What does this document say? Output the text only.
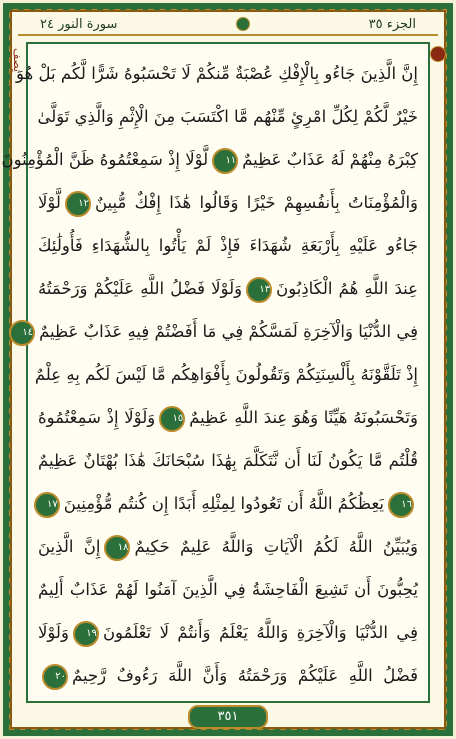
سورة النور ٢٤	الجزء ٣٥
نِصف
إِنَّ الَّذِينَ جَاءُو بِالْإِفْكِ عُصْبَةٌ مِّنكُمْ لَا تَحْسَبُوهُ شَرًّا لَّكُم بَلْ هُوَ
خَيْرٌ لَّكُمْ لِكُلِّ امْرِئٍ مِّنْهُم مَّا اكْتَسَبَ مِنَ الْإِثْمِ وَالَّذِي تَوَلَّىٰ
كِبْرَهُ مِنْهُمْ لَهُ عَذَابٌ عَظِيمٌ١١لَّوْلَا إِذْ سَمِعْتُمُوهُ ظَنَّ الْمُؤْمِنُونَ
وَالْمُؤْمِنَاتُ بِأَنفُسِهِمْ خَيْرًا وَقَالُوا هَٰذَا إِفْكٌ مُّبِينٌ١٢لَّوْلَا
جَاءُو عَلَيْهِ بِأَرْبَعَةِ شُهَدَاءَ فَإِذْ لَمْ يَأْتُوا بِالشُّهَدَاءِ فَأُولَٰئِكَ
عِندَ اللَّهِ هُمُ الْكَاذِبُونَ١٣وَلَوْلَا فَضْلُ اللَّهِ عَلَيْكُمْ وَرَحْمَتُهُ
فِي الدُّنْيَا وَالْآخِرَةِ لَمَسَّكُمْ فِي مَا أَفَضْتُمْ فِيهِ عَذَابٌ عَظِيمٌ١٤
إِذْ تَلَقَّوْنَهُ بِأَلْسِنَتِكُمْ وَتَقُولُونَ بِأَفْوَاهِكُم مَّا لَيْسَ لَكُم بِهِ عِلْمٌ
وَتَحْسَبُونَهُ هَيِّنًا وَهُوَ عِندَ اللَّهِ عَظِيمٌ١٥وَلَوْلَا إِذْ سَمِعْتُمُوهُ
قُلْتُم مَّا يَكُونُ لَنَا أَن نَّتَكَلَّمَ بِهَٰذَا سُبْحَانَكَ هَٰذَا بُهْتَانٌ عَظِيمٌ
١٦يَعِظُكُمُ اللَّهُ أَن تَعُودُوا لِمِثْلِهِ أَبَدًا إِن كُنتُم مُّؤْمِنِينَ١٧
وَيُبَيِّنُ اللَّهُ لَكُمُ الْآيَاتِ وَاللَّهُ عَلِيمٌ حَكِيمٌ١٨إِنَّ الَّذِينَ
يُحِبُّونَ أَن تَشِيعَ الْفَاحِشَةُ فِي الَّذِينَ آمَنُوا لَهُمْ عَذَابٌ أَلِيمٌ
فِي الدُّنْيَا وَالْآخِرَةِ وَاللَّهُ يَعْلَمُ وَأَنتُمْ لَا تَعْلَمُونَ١٩وَلَوْلَا
فَضْلُ اللَّهِ عَلَيْكُمْ وَرَحْمَتُهُ وَأَنَّ اللَّهَ رَءُوفٌ رَّحِيمٌ٢٠
٣٥١
